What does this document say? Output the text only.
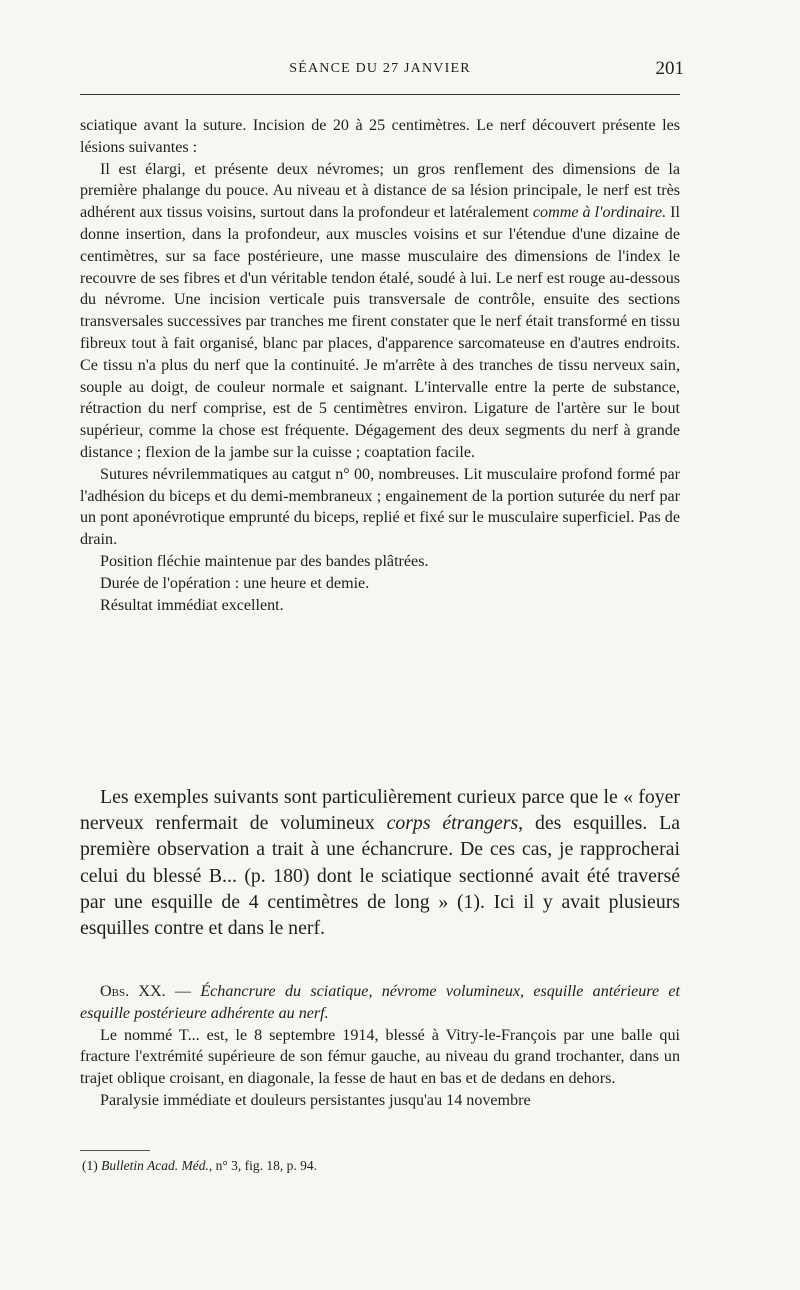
SÉANCE DU 27 JANVIER	201

sciatique avant la suture. Incision de 20 à 25 centimètres. Le nerf découvert présente les lésions suivantes :

Il est élargi, et présente deux névromes; un gros renflement des dimensions de la première phalange du pouce. Au niveau et à distance de sa lésion principale, le nerf est très adhérent aux tissus voisins, surtout dans la profondeur et latéralement comme à l'ordinaire. Il donne insertion, dans la profondeur, aux muscles voisins et sur l'étendue d'une dizaine de centimètres, sur sa face postérieure, une masse musculaire des dimensions de l'index le recouvre de ses fibres et d'un véritable tendon étalé, soudé à lui. Le nerf est rouge au-dessous du névrome. Une incision verticale puis transversale de contrôle, ensuite des sections transversales successives par tranches me firent constater que le nerf était transformé en tissu fibreux tout à fait organisé, blanc par places, d'apparence sarcomateuse en d'autres endroits. Ce tissu n'a plus du nerf que la continuité. Je m'arrête à des tranches de tissu nerveux sain, souple au doigt, de couleur normale et saignant. L'intervalle entre la perte de substance, rétraction du nerf comprise, est de 5 centimètres environ. Ligature de l'artère sur le bout supérieur, comme la chose est fréquente. Dégagement des deux segments du nerf à grande distance ; flexion de la jambe sur la cuisse ; coaptation facile.

Sutures névrilemmatiques au catgut n° 00, nombreuses. Lit musculaire profond formé par l'adhésion du biceps et du demi-membraneux ; engainement de la portion suturée du nerf par un pont aponévrotique emprunté du biceps, replié et fixé sur le musculaire superficiel. Pas de drain.

Position fléchie maintenue par des bandes plâtrées.

Durée de l'opération : une heure et demie.

Résultat immédiat excellent.

Les exemples suivants sont particulièrement curieux parce que le « foyer nerveux renfermait de volumineux corps étrangers, des esquilles. La première observation a trait à une échancrure. De ces cas, je rapprocherai celui du blessé B... (p. 180) dont le sciatique sectionné avait été traversé par une esquille de 4 centimètres de long » (1). Ici il y avait plusieurs esquilles contre et dans le nerf.

Obs. XX. — Échancrure du sciatique, névrome volumineux, esquille antérieure et esquille postérieure adhérente au nerf.

Le nommé T... est, le 8 septembre 1914, blessé à Vitry-le-François par une balle qui fracture l'extrémité supérieure de son fémur gauche, au niveau du grand trochanter, dans un trajet oblique croisant, en diagonale, la fesse de haut en bas et de dedans en dehors.

Paralysie immédiate et douleurs persistantes jusqu'au 14 novembre

(1) Bulletin Acad. Méd., n° 3, fig. 18, p. 94.
